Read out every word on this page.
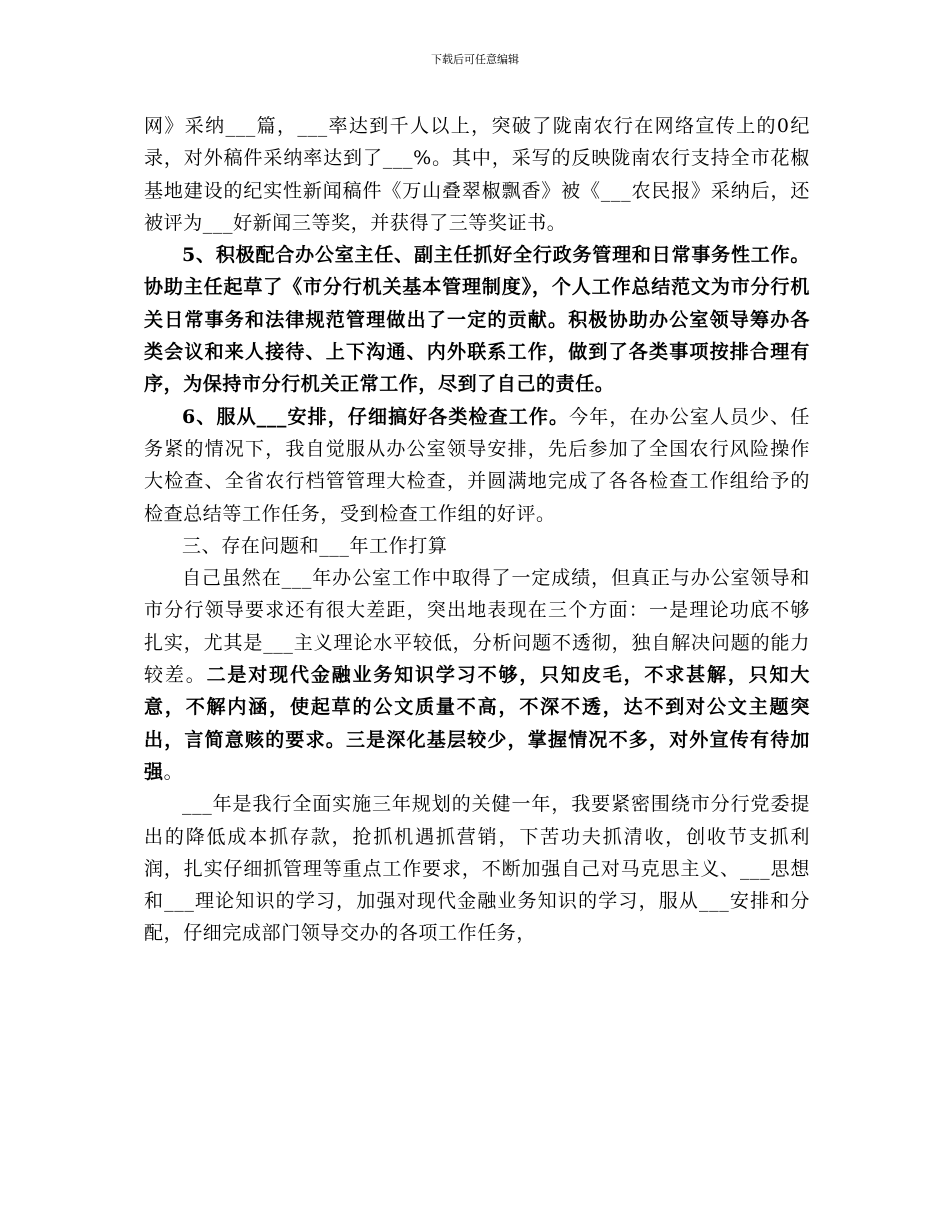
下载后可任意编辑

网》采纳___篇，___率达到千人以上，突破了陇南农行在网络宣传上的0纪录，对外稿件采纳率达到了___%。其中，采写的反映陇南农行支持全市花椒基地建设的纪实性新闻稿件《万山叠翠椒飘香》被《___农民报》采纳后，还被评为___好新闻三等奖，并获得了三等奖证书。

5、积极配合办公室主任、副主任抓好全行政务管理和日常事务性工作。协助主任起草了《市分行机关基本管理制度》，个人工作总结范文为市分行机关日常事务和法律规范管理做出了一定的贡献。积极协助办公室领导筹办各类会议和来人接待、上下沟通、内外联系工作，做到了各类事项按排合理有序，为保持市分行机关正常工作，尽到了自己的责任。

6、服从___安排，仔细搞好各类检查工作。今年，在办公室人员少、任务紧的情况下，我自觉服从办公室领导安排，先后参加了全国农行风险操作大检查、全省农行档管管理大检查，并圆满地完成了各各检查工作组给予的检查总结等工作任务，受到检查工作组的好评。

三、存在问题和___年工作打算

自己虽然在___年办公室工作中取得了一定成绩，但真正与办公室领导和市分行领导要求还有很大差距，突出地表现在三个方面：一是理论功底不够扎实，尤其是___主义理论水平较低，分析问题不透彻，独自解决问题的能力较差。二是对现代金融业务知识学习不够，只知皮毛，不求甚解，只知大意，不解内涵，使起草的公文质量不高，不深不透，达不到对公文主题突出，言简意赅的要求。三是深化基层较少，掌握情况不多，对外宣传有待加强。

___年是我行全面实施三年规划的关健一年，我要紧密围绕市分行党委提出的降低成本抓存款，抢抓机遇抓营销，下苦功夫抓清收，创收节支抓利润，扎实仔细抓管理等重点工作要求，不断加强自己对马克思主义、___思想和___理论知识的学习，加强对现代金融业务知识的学习，服从___安排和分配，仔细完成部门领导交办的各项工作任务，
